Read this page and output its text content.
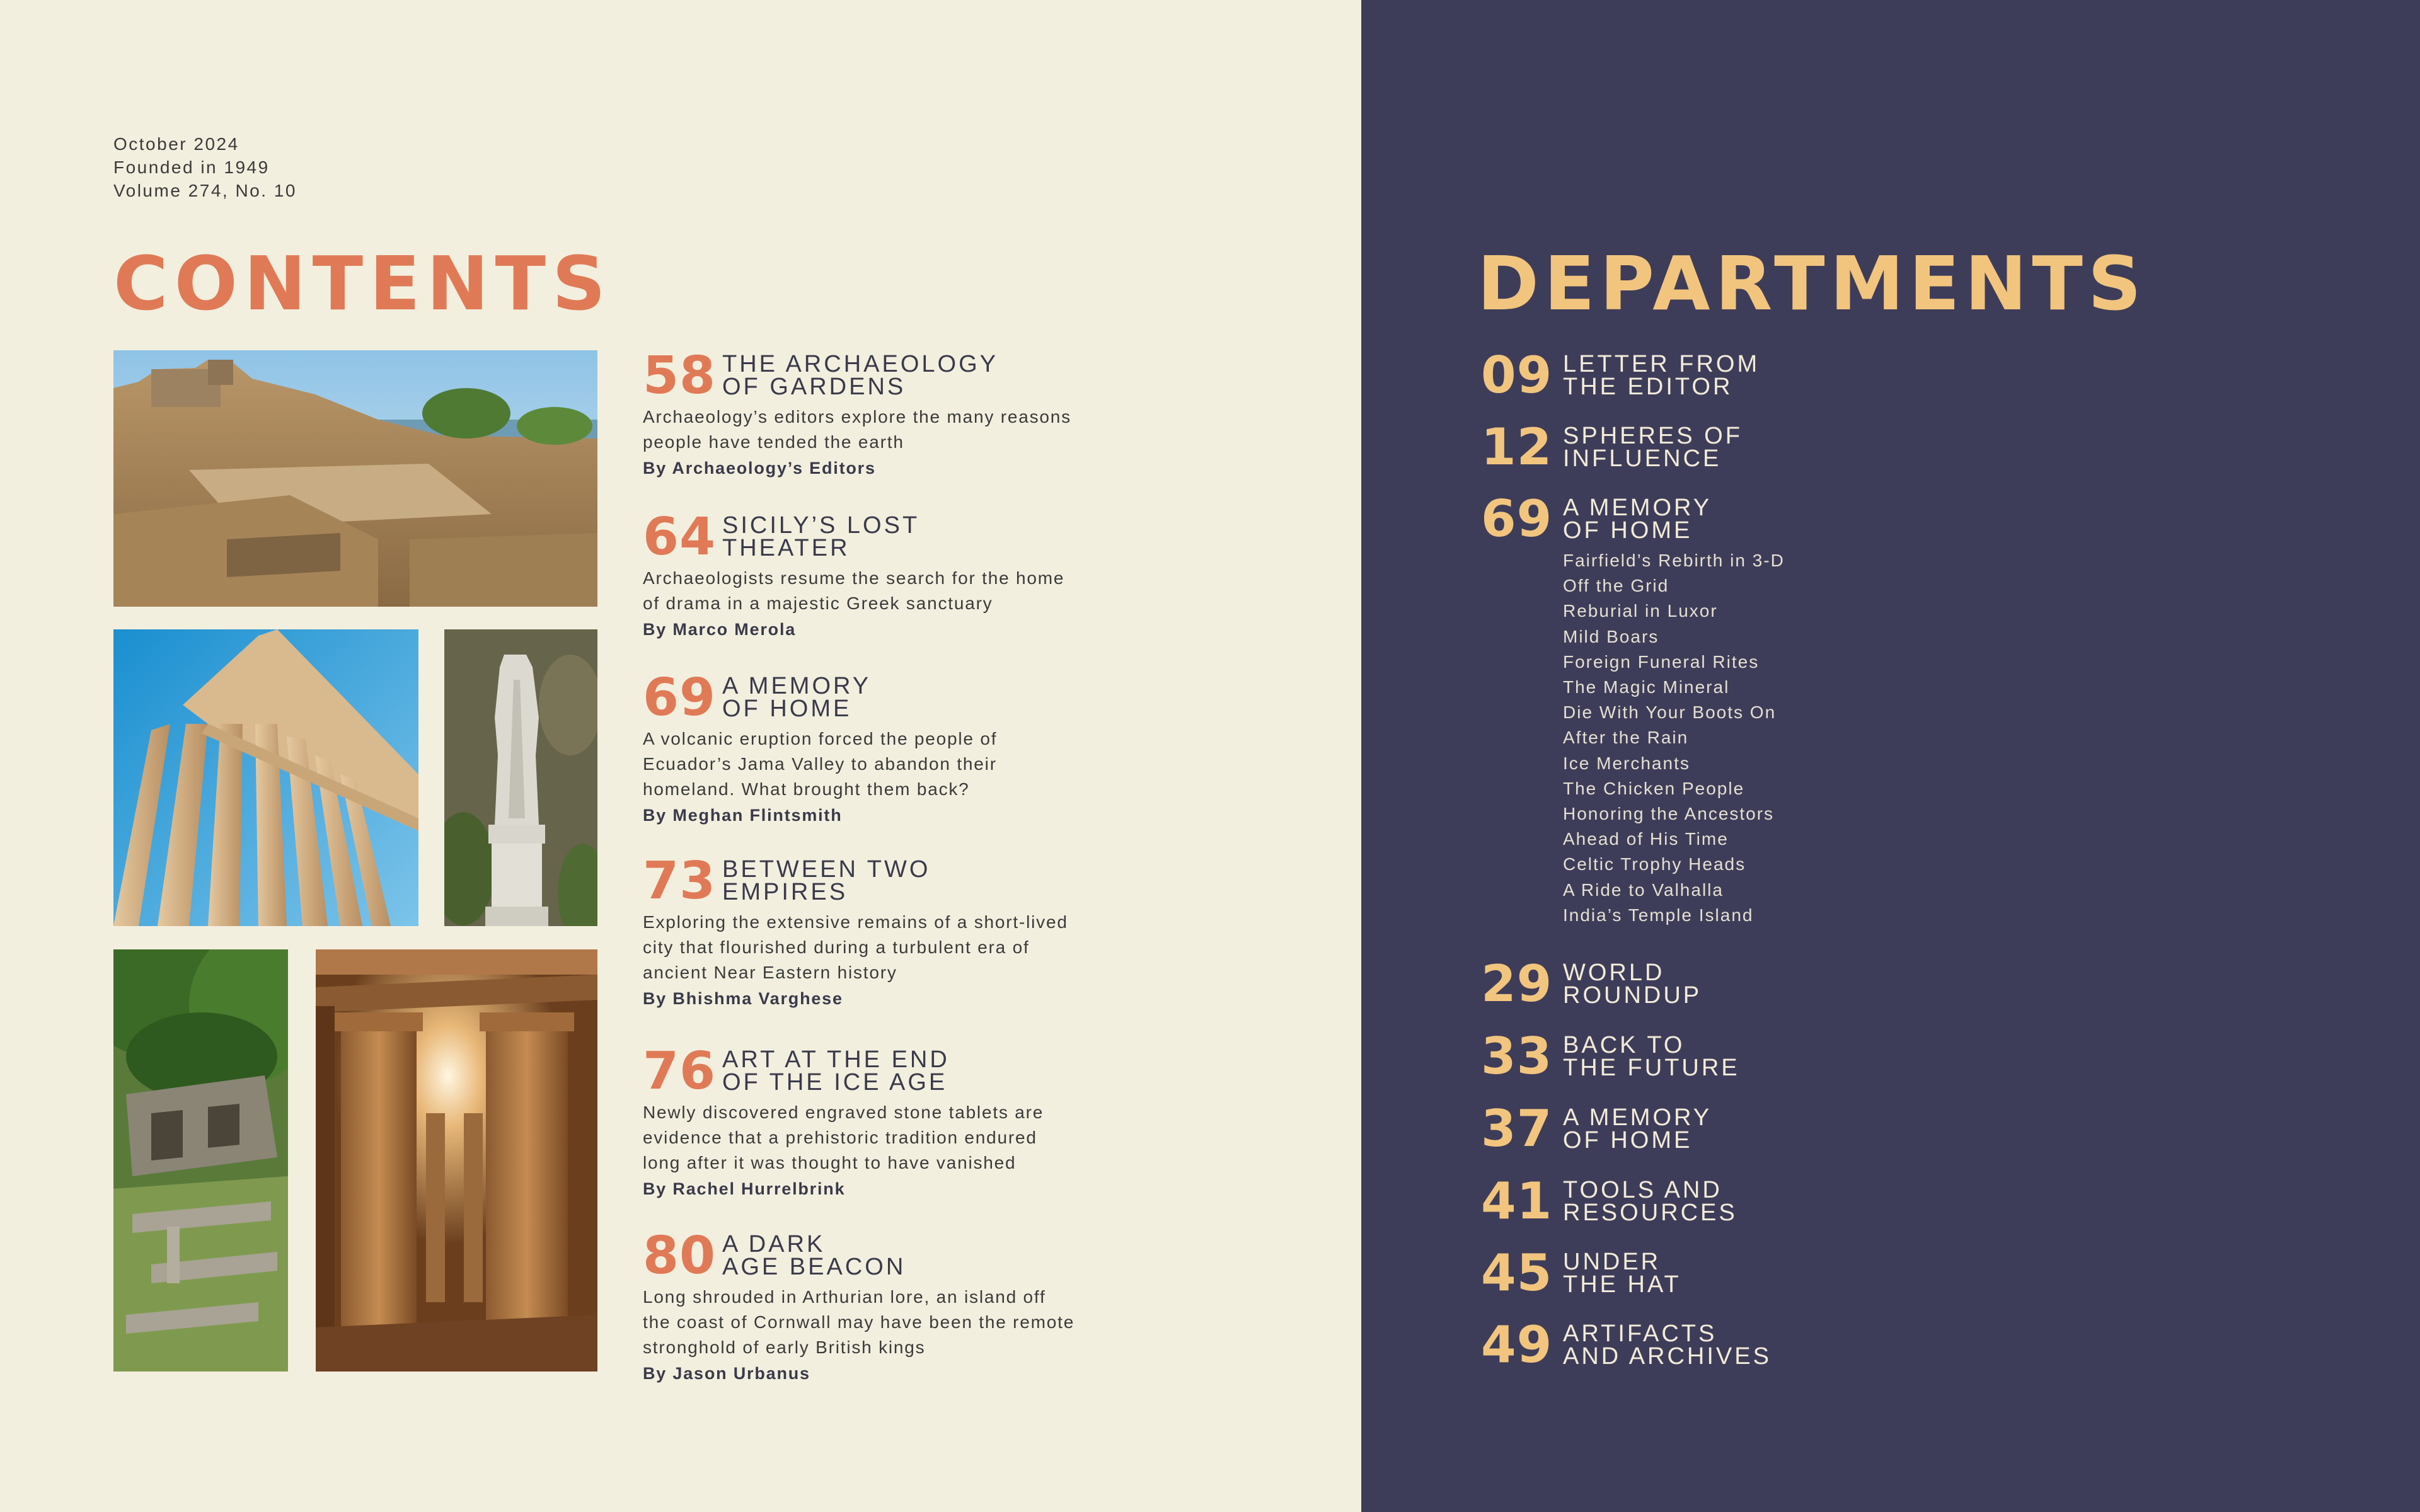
October 2024
Founded in 1949
Volume 274, No. 10
CONTENTS
58 THE ARCHAEOLOGY
OF GARDENS
Archaeology’s editors explore the many reasons
people have tended the earth
By Archaeology’s Editors
64 SICILY’S LOST
THEATER
Archaeologists resume the search for the home
of drama in a majestic Greek sanctuary
By Marco Merola
69 A MEMORY
OF HOME
A volcanic eruption forced the people of
Ecuador’s Jama Valley to abandon their
homeland. What brought them back?
By Meghan Flintsmith
73 BETWEEN TWO
EMPIRES
Exploring the extensive remains of a short-lived
city that flourished during a turbulent era of
ancient Near Eastern history
By Bhishma Varghese
76 ART AT THE END
OF THE ICE AGE
Newly discovered engraved stone tablets are
evidence that a prehistoric tradition endured
long after it was thought to have vanished
By Rachel Hurrelbrink
80 A DARK
AGE BEACON
Long shrouded in Arthurian lore, an island off
the coast of Cornwall may have been the remote
stronghold of early British kings
By Jason Urbanus
DEPARTMENTS
09 LETTER FROM
THE EDITOR
12 SPHERES OF
INFLUENCE
69 A MEMORY
OF HOME
Fairfield’s Rebirth in 3-D
Off the Grid
Reburial in Luxor
Mild Boars
Foreign Funeral Rites
The Magic Mineral
Die With Your Boots On
After the Rain
Ice Merchants
The Chicken People
Honoring the Ancestors
Ahead of His Time
Celtic Trophy Heads
A Ride to Valhalla
India’s Temple Island
29 WORLD
ROUNDUP
33 BACK TO
THE FUTURE
37 A MEMORY
OF HOME
41 TOOLS AND
RESOURCES
45 UNDER
THE HAT
49 ARTIFACTS
AND ARCHIVES
